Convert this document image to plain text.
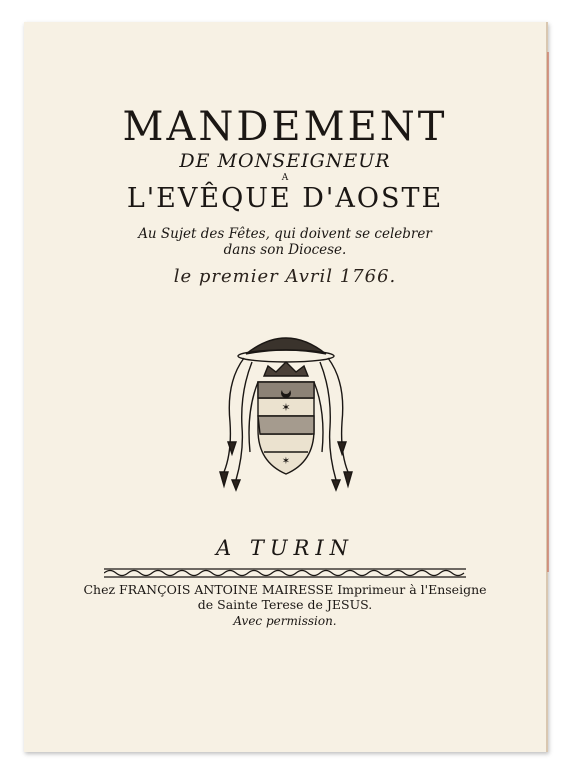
MANDEMENT
DE MONSEIGNEUR
A
L'EVÊQUE D'AOSTE
Au Sujet des Fêtes, qui doivent se celebrer
dans son Diocese.
le premier Avril 1766.
✶
✶
A TURIN
Chez FRANÇOIS ANTOINE MAIRESSE Imprimeur à l'Enseigne
de Sainte Terese de JESUS.
Avec permission.
